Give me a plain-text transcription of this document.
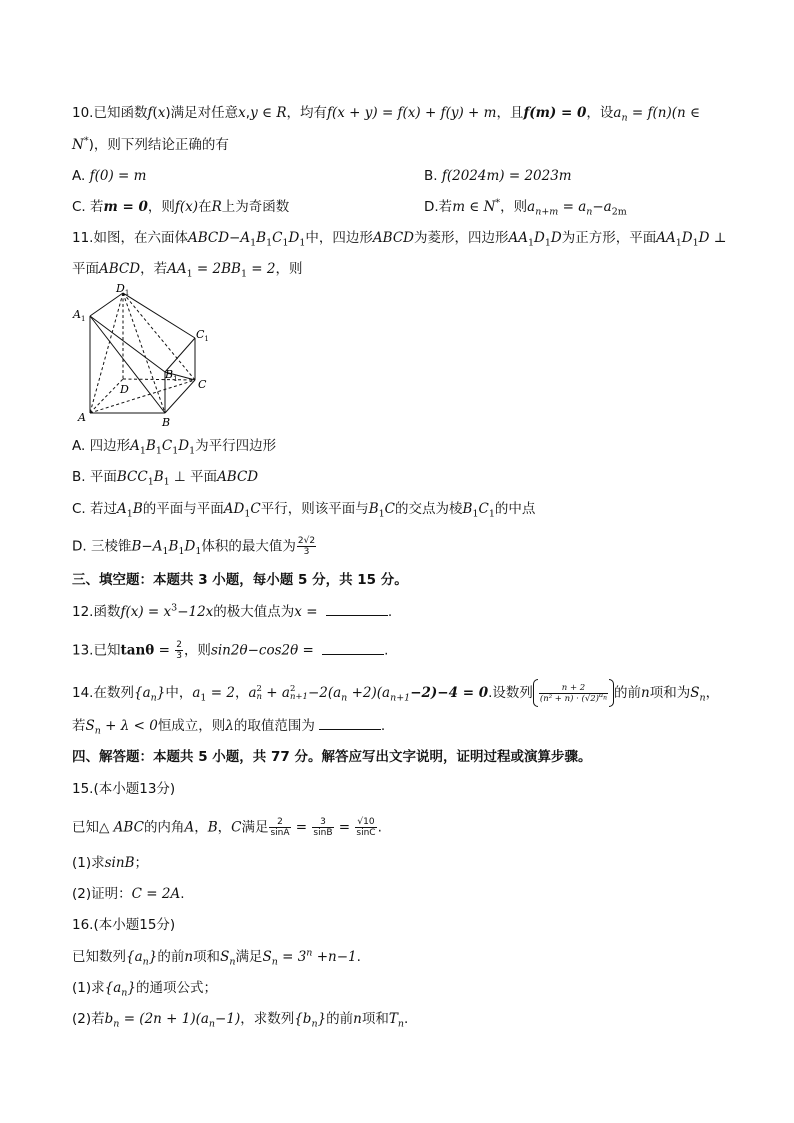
10.已知函数f(x)满足对任意x,y ∈ R，均有f(x + y) = f(x) + f(y) + m，且f(m) = 0，设$a_n = f(n)(n$ ∈
N*)，则下列结论正确的有
A. f(0) = m	B. f(2024m) = 2023m
C. 若m = 0，则f(x)在R上为奇函数	D.若m ∈ N*，则$a_{n+m} = a_n-a_{2m}$
11.如图，在六面体$ABCD-A_1B_1C_1D_1$中，四边形ABCD为菱形，四边形$AA_1D_1D$为正方形，平面$AA_1D_1D$ ⊥
平面ABCD，若$AA_1 = 2BB_1 = 2$，则
$D_1$
$A_1$
$C_1$
$B_1$
D	C
A	B
A. 四边形$A_1B_1C_1D_1$为平行四边形
B. 平面$BCC_1B_1$ ⊥ 平面ABCD
C. 若过$A_1B$的平面与平面$AD_1C$平行，则该平面与$B_1C$的交点为棱$B_1C_1$的中点
D. 三棱锥$B-A_1B_1D_1$体积的最大值为 $\frac{2√2}{3}$
三、填空题：本题共 3 小题，每小题 5 分，共 15 分。
12.函数$f(x) = x^3-12x$的极大值点为x =	.
13.已知$\tan\theta = \frac{2}{3}$ ，则sin2θ−cos2θ =	.
14.在数列$\{a_n\}$中，$a_1 = 2$，a 2
n + a 2
$n+1 -2(a_n +2)(a_{n+1}-2)-4 = 0$.设数列 $\frac{n + 2}{(n^2 + n) \cdot (√2)^{a_n}}$ 的前n项和为$S_n$，
若$S_n + \lambda < 0$恒成立，则λ的取值范围为	.
四、解答题：本题共 5 小题，共 77 分。解答应写出文字说明，证明过程或演算步骤。
15.(本小题13分)
已知△ ABC的内角A，B，C满足 $\frac{2}{\sin A} = \frac{3}{\sin B} = \frac{√10}{\sin C}$ .
(1)求sinB；
(2)证明：C = 2A.
16.(本小题15分)
已知数列$\{a_n\}$的前n项和$S_n$满足$S_n = 3^n +n-1$.
(1)求$\{a_n\}$的通项公式；
(2)若$b_n = (2n + 1)(a_n-1)$，求数列$\{b_n\}$的前n项和$T_n$.
